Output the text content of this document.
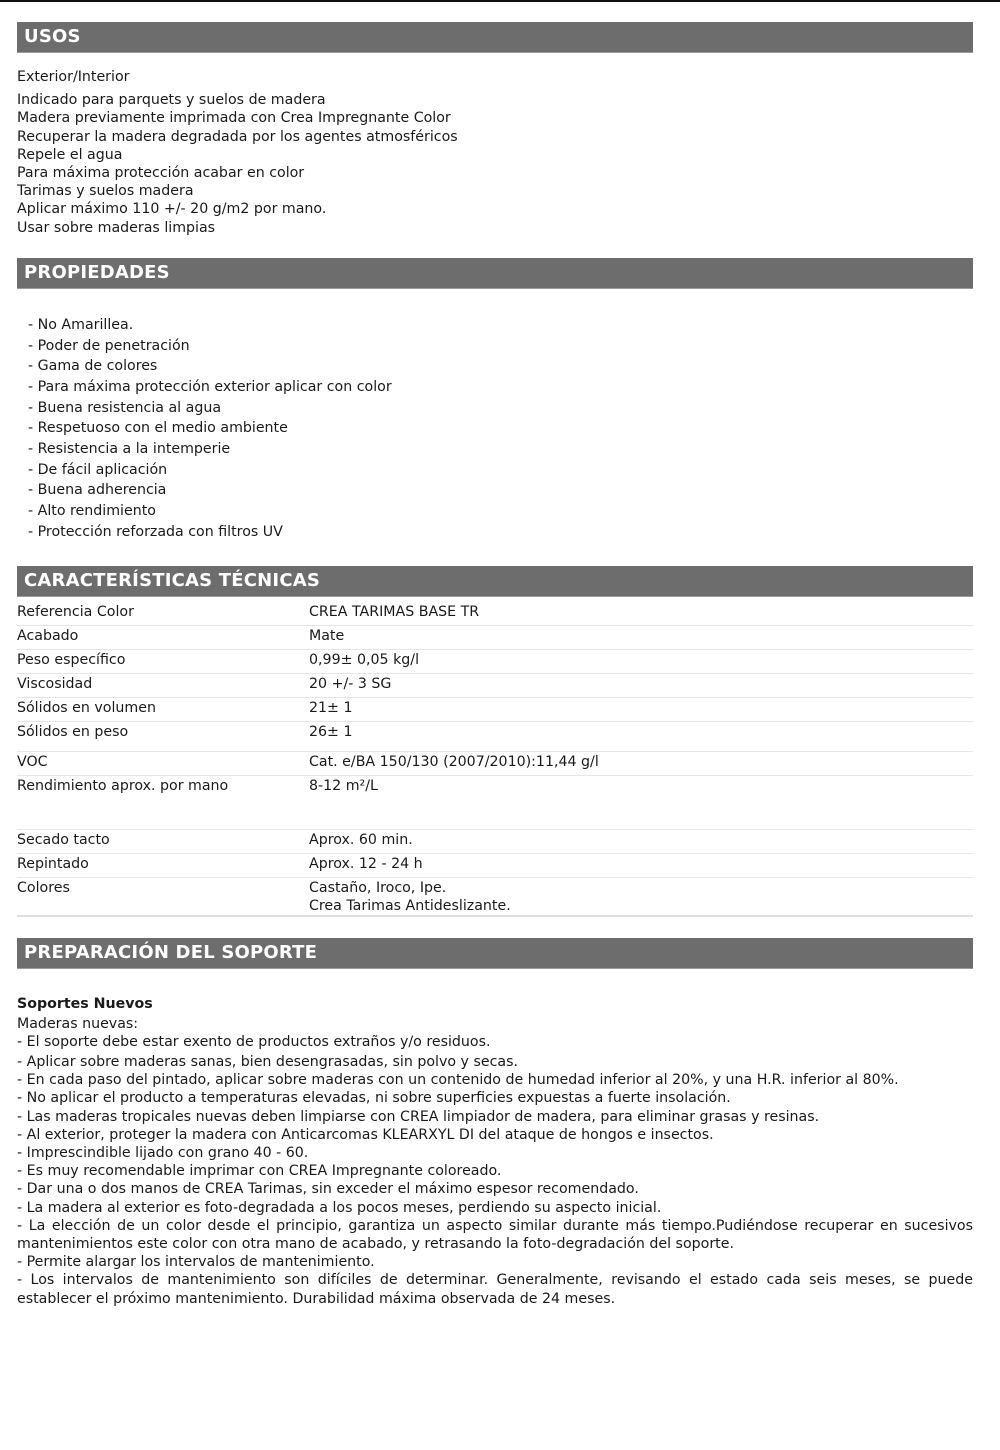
USOS
Exterior/Interior
Indicado para parquets y suelos de madera
Madera previamente imprimada con Crea Impregnante Color
Recuperar la madera degradada por los agentes atmosféricos
Repele el agua
Para máxima protección acabar en color
Tarimas y suelos madera
Aplicar máximo 110 +/- 20 g/m2 por mano.
Usar sobre maderas limpias
PROPIEDADES
- No Amarillea.
- Poder de penetración
- Gama de colores
- Para máxima protección exterior aplicar con color
- Buena resistencia al agua
- Respetuoso con el medio ambiente
- Resistencia a la intemperie
- De fácil aplicación
- Buena adherencia
- Alto rendimiento
- Protección reforzada con filtros UV
CARACTERÍSTICAS TÉCNICAS
Referencia Color	CREA TARIMAS BASE TR
Acabado	Mate
Peso específico	0,99± 0,05 kg/l
Viscosidad	20 +/- 3 SG
Sólidos en volumen	21± 1
Sólidos en peso	26± 1
VOC	Cat. e/BA 150/130 (2007/2010):11,44 g/l
Rendimiento aprox. por mano	8-12 m²/L
Secado tacto	Aprox. 60 min.
Repintado	Aprox. 12 - 24 h
Colores	Castaño, Iroco, Ipe.
Crea Tarimas Antideslizante.
PREPARACIÓN DEL SOPORTE
Soportes Nuevos
Maderas nuevas:
- El soporte debe estar exento de productos extraños y/o residuos.
- Aplicar sobre maderas sanas, bien desengrasadas, sin polvo y secas.
- En cada paso del pintado, aplicar sobre maderas con un contenido de humedad inferior al 20%, y una H.R. inferior al 80%.
- No aplicar el producto a temperaturas elevadas, ni sobre superficies expuestas a fuerte insolación.
- Las maderas tropicales nuevas deben limpiarse con CREA limpiador de madera, para eliminar grasas y resinas.
- Al exterior, proteger la madera con Anticarcomas KLEARXYL DI del ataque de hongos e insectos.
- Imprescindible lijado con grano 40 - 60.
- Es muy recomendable imprimar con CREA Impregnante coloreado.
- Dar una o dos manos de CREA Tarimas, sin exceder el máximo espesor recomendado.
- La madera al exterior es foto-degradada a los pocos meses, perdiendo su aspecto inicial.
- La elección de un color desde el principio, garantiza un aspecto similar durante más tiempo.Pudiéndose recuperar en sucesivos mantenimientos este color con otra mano de acabado, y retrasando la foto-degradación del soporte.
- Permite alargar los intervalos de mantenimiento.
- Los intervalos de mantenimiento son difíciles de determinar. Generalmente, revisando el estado cada seis meses, se puede establecer el próximo mantenimiento. Durabilidad máxima observada de 24 meses.
